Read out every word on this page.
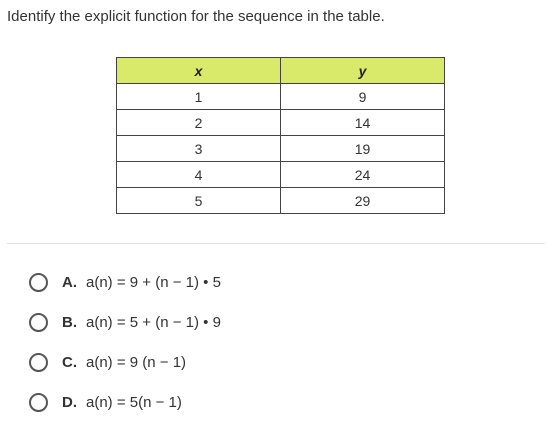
Identify the explicit function for the sequence in the table.

x	y
1	9
2	14
3	19
4	24
5	29
A. a(n) = 9 + (n − 1) • 5
B. a(n) = 5 + (n − 1) • 9
C. a(n) = 9 (n − 1)
D. a(n) = 5(n − 1)
